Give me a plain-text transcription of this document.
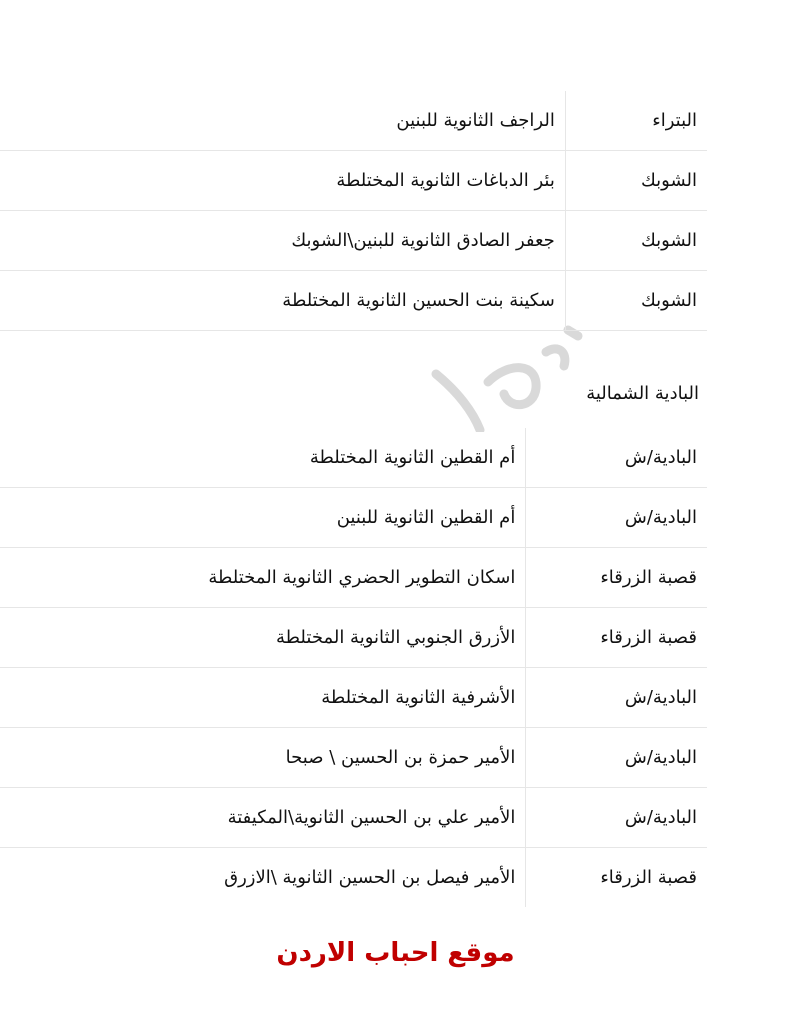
البتراء	الراجف الثانوية للبنين
الشوبك	بئر الدباغات الثانوية المختلطة
الشوبك	جعفر الصادق الثانوية للبنين\الشوبك
الشوبك	سكينة بنت الحسين الثانوية المختلطة
البادية الشمالية
البادية/ش	أم القطين الثانوية المختلطة
البادية/ش	أم القطين الثانوية للبنين
قصبة الزرقاء	اسكان التطوير الحضري الثانوية المختلطة
قصبة الزرقاء	الأزرق الجنوبي الثانوية المختلطة
البادية/ش	الأشرفية الثانوية المختلطة
البادية/ش	الأمير حمزة بن الحسين \ صبحا
البادية/ش	الأمير علي بن الحسين الثانوية\المكيفتة
قصبة الزرقاء	الأمير فيصل بن الحسين الثانوية \الازرق
موقع احباب الاردن
